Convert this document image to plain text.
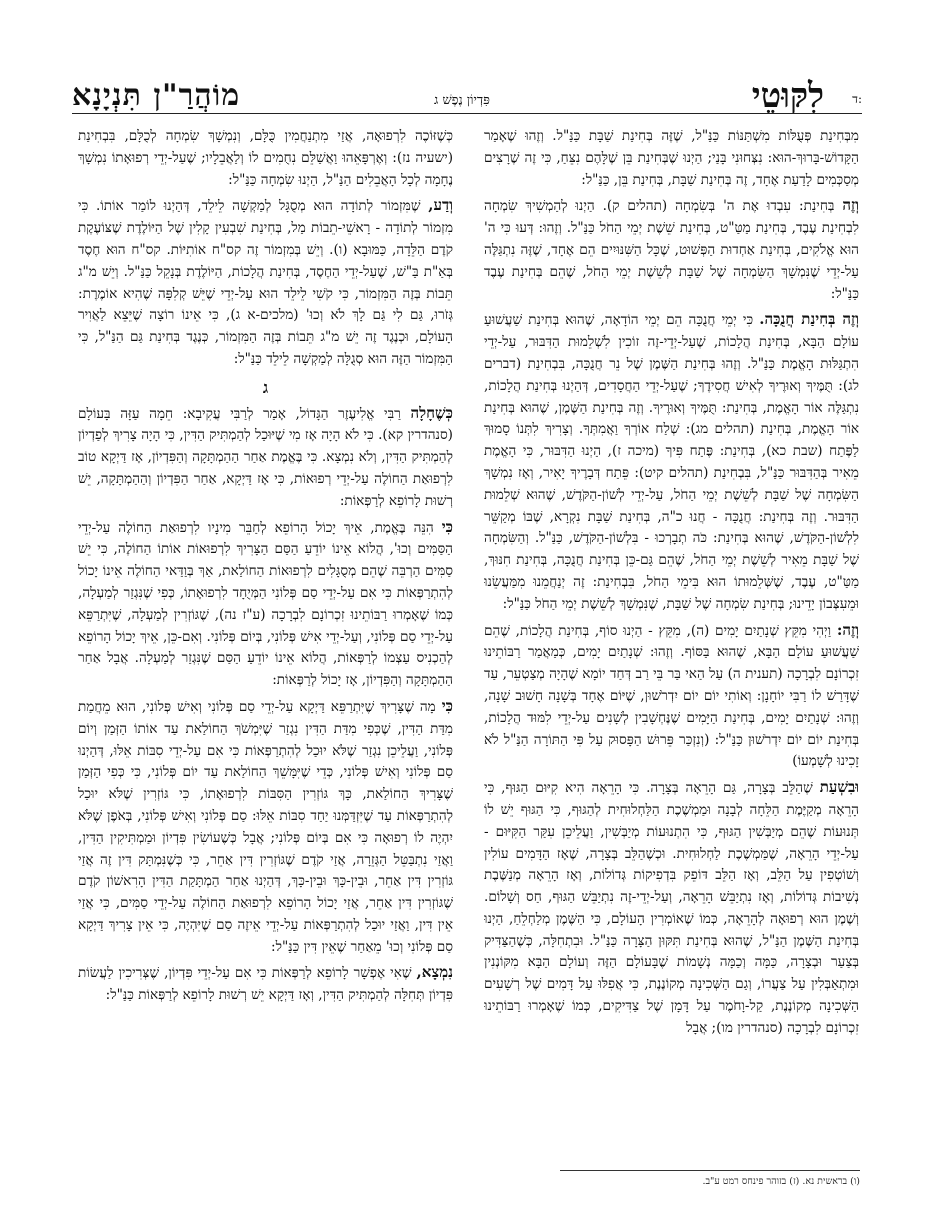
מוֹהֲרַ"ן תִּנְיָנָא	פִּדְיוֹן נֶפֶשׁ ג	לִקּוּטֵי ד:

מִבְּחִינַת פְּעֻלּוֹת מִשְׁתַּנּוֹת כַּנַּ"ל, שֶׁזֶּה בְּחִינַת שַׁבָּת כַּנַּ"ל. וְזֶהוּ שֶׁאָמַר הַקָּדוֹשׁ-בָּרוּךְ-הוּא: נִצְּחוּנִי בָּנַי; הַיְנוּ שֶׁבְּחִינַת בֵּן שֶׁלָּהֶם נִצֵּחַ, כִּי זֶה שֶׁרָצִים מְסַכְּמִים לָדַעַת אֶחָד, זֶה בְּחִינַת שַׁבָּת, בְּחִינַת בֵּן, כַּנַּ"ל:

וְזֶה בְּחִינַת: עִבְדוּ אֶת ה' בְּשִׂמְחָה (תהלים ק). הַיְנוּ לְהַמְשִׁיךְ שִׂמְחָה לִבְחִינַת עֶבֶד, בְּחִינַת מַטַּ"ט, בְּחִינַת שֵׁשֶׁת יְמֵי הַחֹל כַּנַּ"ל. וְזֶהוּ: דְּעוּ כִּי ה' הוּא אֱלֹקִים, בְּחִינַת אַחְדוּת הַפְּשׁוּט, שֶׁכָּל הַשִּׁנּוּיִים הֵם אֶחָד, שֶׁזֶּה נִתְגַּלֶּה עַל-יְדֵי שֶׁנִּמְשָׁךְ הַשִּׂמְחָה שֶׁל שַׁבָּת לְשֵׁשֶׁת יְמֵי הַחֹל, שֶׁהֵם בְּחִינַת עֶבֶד כַּנַּ"ל:

וְזֶה בְּחִינַת חֲנֻכָּה. כִּי יְמֵי חֲנֻכָּה הֵם יְמֵי הוֹדָאָה, שֶׁהוּא בְּחִינַת שַׁעֲשׁוּעַ עוֹלָם הַבָּא, בְּחִינַת הֲלָכוֹת, שֶׁעַל-יְדֵי-זֶה זוֹכִין לִשְׁלֵמוּת הַדִּבּוּר, עַל-יְדֵי הִתְגַּלּוּת הָאֱמֶת כַּנַּ"ל. וְזֶהוּ בְּחִינַת הַשֶּׁמֶן שֶׁל נֵר חֲנֻכָּה, בִּבְחִינַת (דברים לג): תֻּמֶּיךָ וְאוּרֶיךָ לְאִישׁ חֲסִידֶךָ; שֶׁעַל-יְדֵי הַחֲסָדִים, דְּהַיְנוּ בְּחִינַת הֲלָכוֹת, נִתְגַּלֶּה אוֹר הָאֱמֶת, בְּחִינַת: תֻּמֶּיךָ וְאוּרֶיךָ. וְזֶה בְּחִינַת הַשֶּׁמֶן, שֶׁהוּא בְּחִינַת אוֹר הָאֱמֶת, בְּחִינַת (תהלים מג): שְׁלַח אוֹרְךָ וַאֲמִתְּךָ. וְצָרִיךְ לִתְּנוֹ סָמוּךְ לַפֶּתַח (שבת כא), בְּחִינַת: פֶּתַח פִּיךָ (מיכה ז), הַיְנוּ הַדִּבּוּר, כִּי הָאֱמֶת מֵאִיר בְּהַדִּבּוּר כַּנַּ"ל, בִּבְחִינַת (תהלים קיט): פֵּתַח דְּבָרֶיךָ יָאִיר, וְאָז נִמְשָׁךְ הַשִּׂמְחָה שֶׁל שַׁבָּת לְשֵׁשֶׁת יְמֵי הַחֹל, עַל-יְדֵי לְשׁוֹן-הַקֹּדֶשׁ, שֶׁהוּא שְׁלֵמוּת הַדִּבּוּר. וְזֶה בְּחִינַת: חֲנֻכָּה - חֲנוּ כ"ה, בְּחִינַת שַׁבָּת נִקְרָא, שֶׁבּוֹ מְקַשֵּׁר לִלְשׁוֹן-הַקֹּדֶשׁ, שֶׁהוּא בְּחִינַת: כֹּה תְבָרְכוּ - בִּלְשׁוֹן-הַקֹּדֶשׁ, כַּנַּ"ל. וְהַשִּׂמְחָה שֶׁל שַׁבָּת מֵאִיר לְשֵׁשֶׁת יְמֵי הַחֹל, שֶׁהֵם גַּם-כֵּן בְּחִינַת חֲנֻכָּה, בְּחִינַת חִנּוּךְ, מַטַּ"ט, עֶבֶד, שֶׁשְּׁלֵמוּתוֹ הוּא בִּימֵי הַחֹל, בִּבְחִינַת: זֶה יְנַחֲמֵנוּ מִמַּעֲשֵׂנוּ וּמֵעִצְּבוֹן יָדֵינוּ; בְּחִינַת שִׂמְחָה שֶׁל שַׁבָּת, שֶׁנִּמְשָׁךְ לְשֵׁשֶׁת יְמֵי הַחֹל כַּנַּ"ל:

וְזֶה: וַיְהִי מִקֵּץ שְׁנָתַיִם יָמִים (ה), מִקֵּץ - הַיְנוּ סוֹף, בְּחִינַת הֲלָכוֹת, שֶׁהֵם שַׁעֲשׁוּעַ עוֹלָם הַבָּא, שֶׁהוּא בַּסּוֹף. וְזֶהוּ: שְׁנָתַיִם יָמִים, כְּמַאֲמַר רַבּוֹתֵינוּ זִכְרוֹנָם לִבְרָכָה (תענית ה) עַל הַאי בַּר בֵּי רַב דְּחַד יוֹמָא שֶׁהָיָה מְצַטְעֵר, עַד שֶׁדָּרַשׁ לוֹ רַבִּי יוֹחָנָן: וְאוֹתִי יוֹם יוֹם יִדְרֹשׁוּן, שֶׁיּוֹם אֶחָד בְּשָׁנָה חָשׁוּב שָׁנָה, וְזֶהוּ: שְׁנָתַיִם יָמִים, בְּחִינַת הַיָּמִים שֶׁנֶּחְשָׁבִין לְשָׁנִים עַל-יְדֵי לִמּוּד הֲלָכוֹת, בְּחִינַת יוֹם יוֹם יִדְרֹשׁוּן כַּנַּ"ל: (וְנִזְכַּר פֵּרוּשׁ הַפָּסוּק עַל פִּי הַתּוֹרָה הַנַּ"ל לֹא זָכִינוּ לְשָׁמְעוֹ)

וּבִשְׁעַת שֶׁהַלֵּב בְּצָרָה, גַּם הָרֵאָה בְּצָרָה. כִּי הָרֵאָה הִיא קִיּוּם הַגּוּף, כִּי הָרֵאָה מְקַיֶּמֶת הַלֵּחָה לְבָנָה וּמַמְשֶׁכֶת הַלַּחְלוּחִית לְהַגּוּף, כִּי הַגּוּף יֵשׁ לוֹ תְּנוּעוֹת שֶׁהֵם מְיַבְּשִׁין הַגּוּף, כִּי הִתְנוּעוֹת מְיַבְּשִׁין, וַעֲלֵיכֵן עִקַּר הַקִּיּוּם - עַל-יְדֵי הָרֵאָה, שֶׁמַּמְשֶׁכֶת לַחְלוּחִית. וּכְשֶׁהַלֵּב בְּצָרָה, שֶׁאָז הַדָּמִים עוֹלִין וְשׁוֹטְפִין עַל הַלֵּב, וְאָז הַלֵּב דּוֹפֵק בִּדְפִיקוֹת גְּדוֹלוֹת, וְאָז הָרֵאָה מְנַשֶּׁבֶת נְשִׁיבוֹת גְּדוֹלוֹת, וְאָז נִתְיַבֵּשׁ הָרֵאָה, וְעַל-יְדֵי-זֶה נִתְיַבֵּשׁ הַגּוּף, חַס וְשָׁלוֹם. וְשֶׁמֶן הוּא רְפוּאָה לְהָרֵאָה, כְּמוֹ שֶׁאוֹמְרִין הָעוֹלָם, כִּי הַשֶּׁמֶן מְלַחְלֵחַ, הַיְנוּ בְּחִינַת הַשֶּׁמֶן הַנַּ"ל, שֶׁהוּא בְּחִינַת תִּקּוּן הַצָּרָה כַּנַּ"ל. וּבִתְחִלָּה, כְּשֶׁהַצַּדִּיק בְּצַעַר וּבְצָרָה, כַּמָּה וְכַמָּה נְשָׁמוֹת שֶׁבָּעוֹלָם הַזֶּה וְעוֹלָם הַבָּא מִקּוֹנְנִין וּמִתְאַבְּלִין עַל צַעֲרוֹ, וְגַם הַשְּׁכִינָה מְקוֹנֶנֶת, כִּי אֲפִלּוּ עַל דָּמִים שֶׁל רְשָׁעִים הַשְּׁכִינָה מְקוֹנֶנֶת, קַל-וָחֹמֶר עַל דָּמָן שֶׁל צַדִּיקִים, כְּמוֹ שֶׁאָמְרוּ רַבּוֹתֵינוּ זִכְרוֹנָם לִבְרָכָה (סנהדרין מו); אֲבָל

כְּשֶׁזּוֹכֶה לִרְפוּאָה, אֲזַי מִתְנַחֲמִין כֻּלָּם, וְנִמְשָׁךְ שִׂמְחָה לְכֻלָּם, בִּבְחִינַת (ישעיה נז): וְאֶרְפָּאֵהוּ וַאֲשַׁלֵּם נִחֻמִים לוֹ וְלַאֲבֵלָיו; שֶׁעַל-יְדֵי רְפוּאָתוֹ נִמְשָׁךְ נֶחָמָה לְכָל הָאֲבֵלִים הַנַּ"ל, הַיְנוּ שִׂמְחָה כַּנַּ"ל:

וְדַע, שֶׁמִּזְמוֹר לְתוֹדָה הוּא מְסֻגָּל לְמַקְשָׁה לֵילֵד, דְּהַיְנוּ לוֹמַר אוֹתוֹ. כִּי מִזְמוֹר לְתוֹדָה - רָאשֵׁי-תֵבוֹת מַל, בְּחִינַת שִׁבְעִין קָלִין שֶׁל הַיּוֹלֶדֶת שֶׁצּוֹעֶקֶת קֹדֶם הַלֵּדָה, כַּמּוּבָא (ו). וְיֵשׁ בְּמִזְמוֹר זֶה קס"ח אוֹתִיּוֹת. קס"ח הוּא חֶסֶד בְּאַ"ת בַּ"שׁ, שֶׁעַל-יְדֵי הַחֶסֶד, בְּחִינַת הֲלָכוֹת, הַיּוֹלֶדֶת בְּנָקֵל כַּנַּ"ל. וְיֵשׁ מ"ג תֵּבוֹת בְּזֶה הַמִּזְמוֹר, כִּי קֹשִׁי לֵילֵד הוּא עַל-יְדֵי שֶׁיֵּשׁ קְלִפָּה שֶׁהִיא אוֹמֶרֶת: גְּזֹרוּ, גַּם לִי גַּם לָךְ לֹא וְכוּ' (מלכים-א ג), כִּי אֵינוֹ רוֹצָה שֶׁיֵּצֵא לַאֲוִיר הָעוֹלָם, וּכְנֶגֶד זֶה יֵשׁ מ"ג תֵּבוֹת בְּזֶה הַמִּזְמוֹר, כְּנֶגֶד בְּחִינַת גַּם הַנַּ"ל, כִּי הַמִּזְמוֹר הַזֶּה הוּא סְגֻלָּה לְמַקְשָׁה לֵילֵד כַּנַּ"ל:

ג

כְּשֶׁחָלָה רַבִּי אֱלִיעֶזֶר הַגָּדוֹל, אָמַר לְרַבִּי עֲקִיבָא: חֵמָה עַזָּה בָּעוֹלָם (סנהדרין קא). כִּי לֹא הָיָה אָז מִי שֶׁיּוּכַל לְהַמְתִּיק הַדִּין, כִּי הָיָה צָרִיךְ לְפַדְיוֹן לְהַמְתִּיק הַדִּין, וְלֹא נִמְצָא. כִּי בֶּאֱמֶת אַחַר הַהַמְתָּקָה וְהַפִּדְיוֹן, אָז דַּיְקָא טוֹב לִרְפוּאַת הַחוֹלֶה עַל-יְדֵי רְפוּאוֹת, כִּי אָז דַּיְקָא, אַחַר הַפִּדְיוֹן וְהַהַמְתָּקָה, יֵשׁ רְשׁוּת לָרוֹפֵא לְרַפְּאוֹת:

כִּי הִנֵּה בֶּאֱמֶת, אֵיךְ יָכוֹל הָרוֹפֵא לְחַבֵּר מִינָיו לִרְפוּאַת הַחוֹלֶה עַל-יְדֵי הַסַּמִּים וְכוּ', הֲלוֹא אֵינוֹ יוֹדֵעַ הַסַּם הַצָּרִיךְ לִרְפוּאוֹת אוֹתוֹ הַחוֹלֶה, כִּי יֵשׁ סַמִּים הַרְבֵּה שֶׁהֵם מְסֻגָּלִים לִרְפוּאוֹת הַחוֹלַאת, אַךְ בְּוַדַּאי הַחוֹלֶה אֵינוֹ יָכוֹל לְהִתְרַפְּאוֹת כִּי אִם עַל-יְדֵי סַם פְּלוֹנִי הַמְּיֻחָד לִרְפוּאָתוֹ, כְּפִי שֶׁנִּגְזַר לְמַעְלָה, כְּמוֹ שֶׁאָמְרוּ רַבּוֹתֵינוּ זִכְרוֹנָם לִבְרָכָה (ע"ז נה), שֶׁגּוֹזְרִין לְמַעְלָה, שֶׁיִּתְרַפֵּא עַל-יְדֵי סַם פְּלוֹנִי, וְעַל-יְדֵי אִישׁ פְּלוֹנִי, בְּיוֹם פְּלוֹנִי. וְאִם-כֵּן, אֵיךְ יָכוֹל הָרוֹפֵא לְהַכְנִיס עַצְמוֹ לְרַפְּאוֹת, הֲלוֹא אֵינוֹ יוֹדֵעַ הַסַּם שֶׁנִּגְזַר לְמַעְלָה. אֲבָל אַחַר הַהַמְתָּקָה וְהַפִּדְיוֹן, אָז יָכוֹל לְרַפְּאוֹת:

כִּי מָה שֶׁצָּרִיךְ שֶׁיִּתְרַפֵּא דַּיְקָא עַל-יְדֵי סַם פְּלוֹנִי וְאִישׁ פְּלוֹנִי, הוּא מֵחֲמַת מִדַּת הַדִּין, שֶׁכְּפִי מִדַּת הַדִּין נִגְזַר שֶׁיִּמְשֹׁךְ הַחוֹלַאת עַד אוֹתוֹ הַזְּמַן וְיוֹם פְּלוֹנִי, וַעֲלֵיכֵן נִגְזַר שֶׁלֹּא יוּכַל לְהִתְרַפְּאוֹת כִּי אִם עַל-יְדֵי סִבּוֹת אֵלּוּ, דְּהַיְנוּ סַם פְּלוֹנִי וְאִישׁ פְּלוֹנִי, כְּדֵי שֶׁיִּמָּשֵׁךְ הַחוֹלַאת עַד יוֹם פְּלוֹנִי, כִּי כְּפִי הַזְּמַן שֶׁצָּרִיךְ הַחוֹלַאת, כָּךְ גּוֹזְרִין הַסִּבּוֹת לִרְפוּאָתוֹ, כִּי גּוֹזְרִין שֶׁלֹּא יוּכַל לְהִתְרַפְּאוֹת עַד שֶׁיִּזְדַּמְּנוּ יַחַד סִבּוֹת אֵלּוּ: סַם פְּלוֹנִי וְאִישׁ פְּלוֹנִי, בְּאֹפֶן שֶׁלֹּא יִהְיֶה לוֹ רְפוּאָה כִּי אִם בְּיוֹם פְּלוֹנִי; אֲבָל כְּשֶׁעוֹשִׂין פִּדְיוֹן וּמַמְתִּיקִין הַדִּין, וַאֲזַי נִתְבַּטֵּל הַגְּזֵרָה, אֲזַי קֹדֶם שֶׁגּוֹזְרִין דִּין אַחֵר, כִּי כְּשֶׁנִּמְתָּק דִּין זֶה אֲזַי גּוֹזְרִין דִּין אַחֵר, וּבֵין-כָּךְ וּבֵין-כָּךְ, דְּהַיְנוּ אַחַר הַמְתָּקַת הַדִּין הָרִאשׁוֹן קֹדֶם שֶׁגּוֹזְרִין דִּין אַחֵר, אֲזַי יָכוֹל הָרוֹפֵא לִרְפוּאַת הַחוֹלֶה עַל-יְדֵי סַמִּים, כִּי אֲזַי אֵין דִּין, וַאֲזַי יוּכַל לְהִתְרַפְּאוֹת עַל-יְדֵי אֵיזֶה סַם שֶׁיִּהְיֶה, כִּי אֵין צָרִיךְ דַּיְקָא סַם פְּלוֹנִי וְכוּ' מֵאַחַר שֶׁאֵין דִּין כַּנַּ"ל:

נִמְצָא, שֶׁאִי אֶפְשָׁר לָרוֹפֵא לְרַפְּאוֹת כִּי אִם עַל-יְדֵי פִּדְיוֹן, שֶׁצְּרִיכִין לַעֲשׂוֹת פִּדְיוֹן תְּחִלָּה לְהַמְתִּיק הַדִּין, וְאָז דַּיְקָא יֵשׁ רְשׁוּת לָרוֹפֵא לְרַפְּאוֹת כַּנַּ"ל:

(ו) בראשית נא. (ז) בזוהר פינחס רמט ע"ב.
